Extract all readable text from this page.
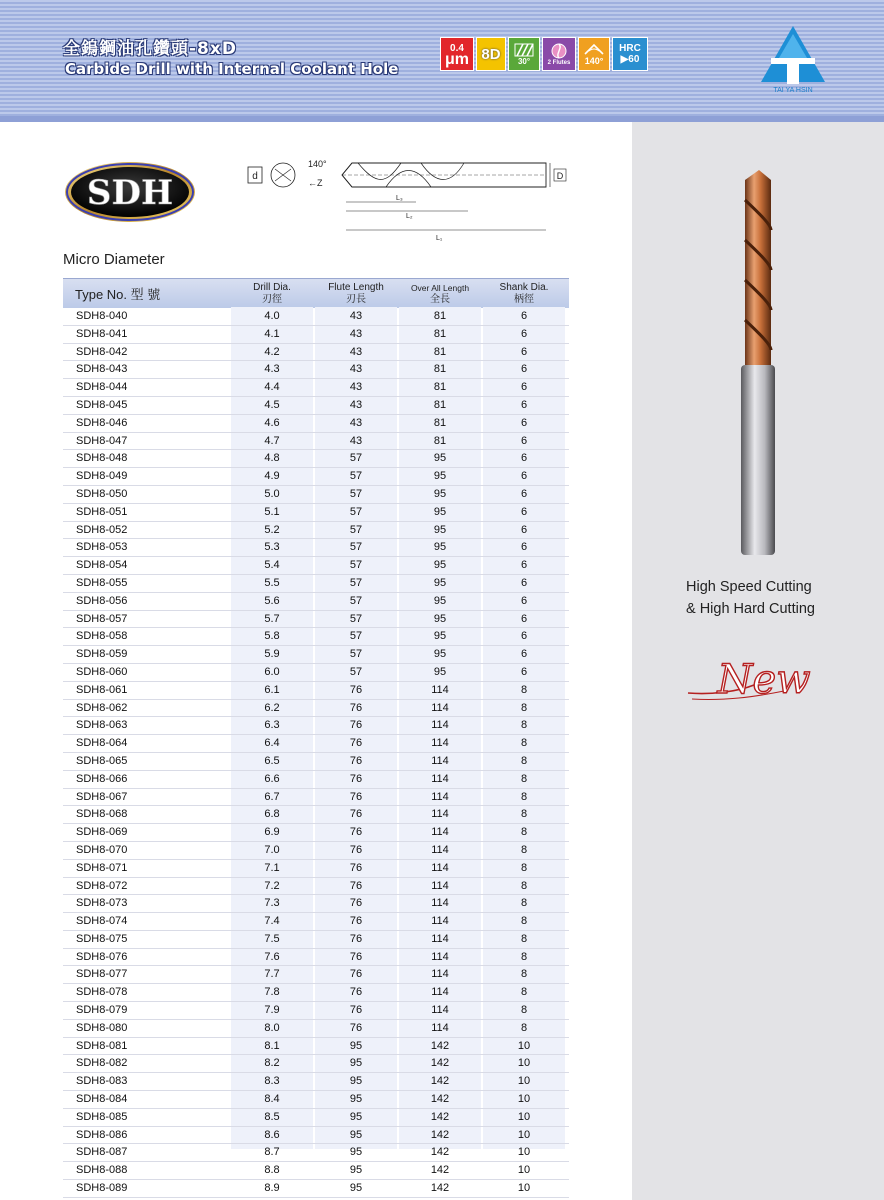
全鎢鋼油孔鑽頭-8xD
Carbide Drill with Internal Coolant Hole
0.4
μm 8D 30°	2 Flutes 140°
HRC
▶60
TAI YA HSIN
SDH	d
140°
←Z
D
L₃
L₂
L₁
Micro Diameter
Type No. 型 號	Drill Dia.
刃徑
Flute Length
刃長
Over All Length
全長
Shank Dia.
柄徑
SDH8-040	4.0	43	81	6
SDH8-041	4.1	43	81	6
SDH8-042	4.2	43	81	6
SDH8-043	4.3	43	81	6
SDH8-044	4.4	43	81	6
SDH8-045	4.5	43	81	6
SDH8-046	4.6	43	81	6
SDH8-047	4.7	43	81	6
SDH8-048	4.8	57	95	6
SDH8-049	4.9	57	95	6
SDH8-050	5.0	57	95	6
SDH8-051	5.1	57	95	6
SDH8-052	5.2	57	95	6
SDH8-053	5.3	57	95	6
SDH8-054	5.4	57	95	6
SDH8-055	5.5	57	95	6
SDH8-056	5.6	57	95	6
SDH8-057	5.7	57	95	6
SDH8-058	5.8	57	95	6
SDH8-059	5.9	57	95	6
SDH8-060	6.0	57	95	6
SDH8-061	6.1	76	114	8
SDH8-062	6.2	76	114	8
SDH8-063	6.3	76	114	8
SDH8-064	6.4	76	114	8
SDH8-065	6.5	76	114	8
SDH8-066	6.6	76	114	8
SDH8-067	6.7	76	114	8
SDH8-068	6.8	76	114	8
SDH8-069	6.9	76	114	8
SDH8-070	7.0	76	114	8
SDH8-071	7.1	76	114	8
SDH8-072	7.2	76	114	8
SDH8-073	7.3	76	114	8
SDH8-074	7.4	76	114	8
SDH8-075	7.5	76	114	8
SDH8-076	7.6	76	114	8
SDH8-077	7.7	76	114	8
SDH8-078	7.8	76	114	8
SDH8-079	7.9	76	114	8
SDH8-080	8.0	76	114	8
SDH8-081	8.1	95	142	10
SDH8-082	8.2	95	142	10
SDH8-083	8.3	95	142	10
SDH8-084	8.4	95	142	10
SDH8-085	8.5	95	142	10
SDH8-086	8.6	95	142	10
SDH8-087	8.7	95	142	10
SDH8-088	8.8	95	142	10
SDH8-089	8.9	95	142	10
High Speed Cutting
& High Hard Cutting
New
